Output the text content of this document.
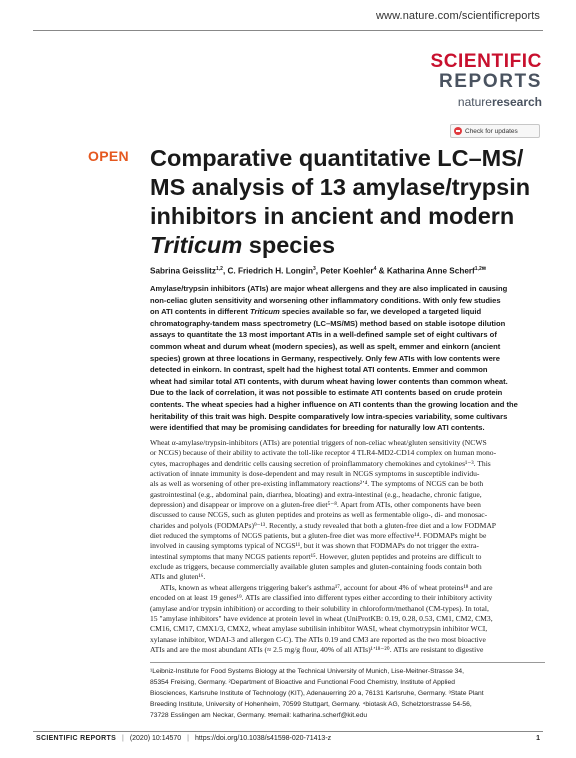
www.nature.com/scientificreports
SCIENTIFIC
REPORTS
natureresearch
Check for updates
OPEN Comparative quantitative LC–MS/
MS analysis of 13 amylase/trypsin
inhibitors in ancient and modern
Triticum species
Sabrina Geisslitz$^{1,2}$, C. Friedrich H. Longin$^3$, Peter Koehler$^4$ & Katharina Anne Scherf$^{1,2✉}$
Amylase/trypsin inhibitors (ATIs) are major wheat allergens and they are also implicated in causing
non-celiac gluten sensitivity and worsening other inflammatory conditions. With only few studies
on ATI contents in different Triticum species available so far, we developed a targeted liquid
chromatography-tandem mass spectrometry (LC–MS/MS) method based on stable isotope dilution
assays to quantitate the 13 most important ATIs in a well-defined sample set of eight cultivars of
common wheat and durum wheat (modern species), as well as spelt, emmer and einkorn (ancient
species) grown at three locations in Germany, respectively. Only few ATIs with low contents were
detected in einkorn. In contrast, spelt had the highest total ATI contents. Emmer and common
wheat had similar total ATI contents, with durum wheat having lower contents than common wheat.
Due to the lack of correlation, it was not possible to estimate ATI contents based on crude protein
contents. The wheat species had a higher influence on ATI contents than the growing location and the
heritability of this trait was high. Despite comparatively low intra-species variability, some cultivars
were identified that may be promising candidates for breeding for naturally low ATI contents.
Wheat α-amylase/trypsin-inhibitors (ATIs) are potential triggers of non-celiac wheat/gluten sensitivity (NCWS
or NCGS) because of their ability to activate the toll-like receptor 4 TLR4-MD2-CD14 complex on human mono-
cytes, macrophages and dendritic cells causing secretion of proinflammatory chemokines and cytokines¹⁻³. This
activation of innate immunity is dose-dependent and may result in NCGS symptoms in susceptible individu-
als as well as worsening of other pre-existing inflammatory reactions²ʼ⁴. The symptoms of NCGS can be both
gastrointestinal (e.g., abdominal pain, diarrhea, bloating) and extra-intestinal (e.g., headache, chronic fatigue,
depression) and disappear or improve on a gluten-free diet⁵⁻⁸. Apart from ATIs, other components have been
discussed to cause NCGS, such as gluten peptides and proteins as well as fermentable oligo-, di- and monosac-
charides and polyols (FODMAPs)⁹⁻¹³. Recently, a study revealed that both a gluten-free diet and a low FODMAP
diet reduced the symptoms of NCGS patients, but a gluten-free diet was more effective¹⁴. FODMAPs might be
involved in causing symptoms typical of NCGS¹¹, but it was shown that FODMAPs do not trigger the extra-
intestinal symptoms that many NCGS patients report¹⁵. However, gluten peptides and proteins are difficult to
exclude as triggers, because commercially available gluten samples and gluten-containing foods contain both
ATIs and gluten¹⁶.
ATIs, known as wheat allergens triggering baker's asthma¹⁷, account for about 4% of wheat proteins¹⁸ and are
encoded on at least 19 genes¹⁹. ATIs are classified into different types either according to their inhibitory activity
(amylase and/or trypsin inhibition) or according to their solubility in chloroform/methanol (CM-types). In total,
15 "amylase inhibitors" have evidence at protein level in wheat (UniProtKB: 0.19, 0.28, 0.53, CM1, CM2, CM3,
CM16, CM17, CMX1/3, CMX2, wheat amylase subtilisin inhibitor WASI, wheat chymotrypsin inhibitor WCI,
xylanase inhibitor, WDAI-3 and allergen C-C). The ATIs 0.19 and CM3 are reported as the two most bioactive
ATIs and are the most abundant ATIs (≈ 2.5 mg/g flour, 40% of all ATIs)¹ʼ¹⁸⁻²⁰. ATIs are resistant to digestive
¹Leibniz-Institute for Food Systems Biology at the Technical University of Munich, Lise-Meitner-Strasse 34,
85354 Freising, Germany. ²Department of Bioactive and Functional Food Chemistry, Institute of Applied
Biosciences, Karlsruhe Institute of Technology (KIT), Adenauerring 20 a, 76131 Karlsruhe, Germany. ³State Plant
Breeding Institute, University of Hohenheim, 70599 Stuttgart, Germany. ⁴biotask AG, Schelztorstrasse 54-56,
73728 Esslingen am Neckar, Germany. ✉email: katharina.scherf@kit.edu
SCIENTIFIC REPORTS | (2020) 10:14570 | https://doi.org/10.1038/s41598-020-71413-z	1
